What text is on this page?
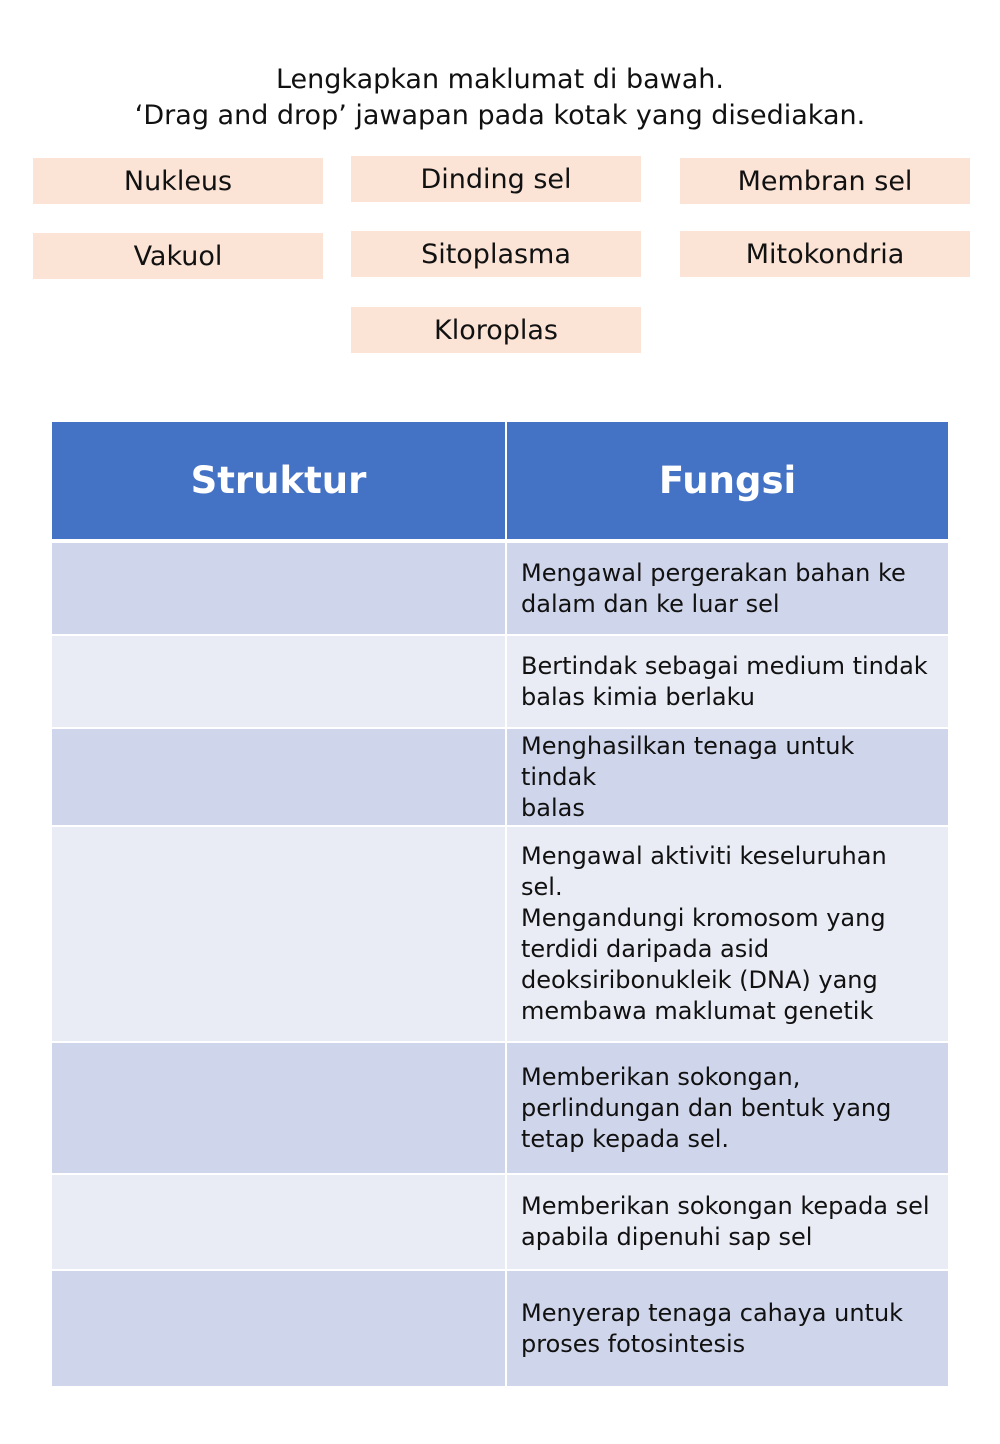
Lengkapkan maklumat di bawah.
‘Drag and drop’ jawapan pada kotak yang disediakan.
Nukleus	Dinding sel	Membran sel
Vakuol	Sitoplasma	Mitokondria
Kloroplas
Struktur	Fungsi

	Mengawal pergerakan bahan ke
dalam dan ke luar sel

	Bertindak sebagai medium tindak
balas kimia berlaku

	Menghasilkan tenaga untuk tindak
balas

	Mengawal aktiviti keseluruhan sel.
Mengandungi kromosom yang
terdidi daripada asid
deoksiribonukleik (DNA) yang
membawa maklumat genetik

	Memberikan sokongan,
perlindungan dan bentuk yang
tetap kepada sel.

	Memberikan sokongan kepada sel
apabila dipenuhi sap sel

	Menyerap tenaga cahaya untuk
proses fotosintesis
